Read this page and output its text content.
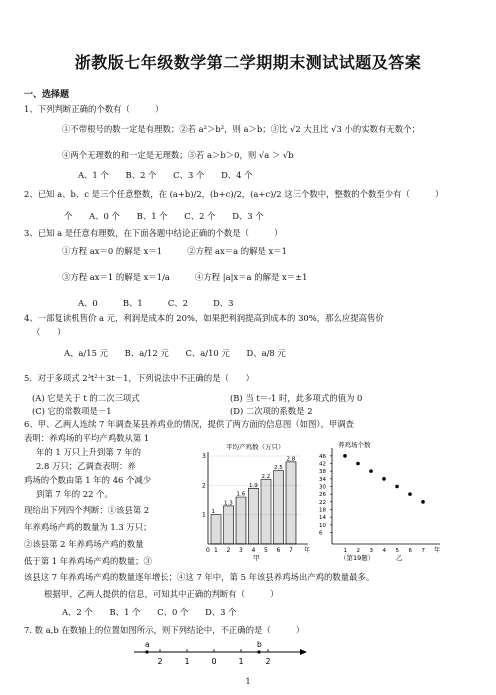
浙教版七年级数学第二学期期末测试试题及答案
一、选择题
1、下列判断正确的个数有（　　　）
①不带根号的数一定是有理数；②若 a²＞b²，则 a＞b；③比 √2 大且比 √3 小的实数有无数个；
④两个无理数的和一定是无理数；⑤若 a＞b＞0，则 √a ＞ √b
A、1 个　　B、2 个　　C、3 个　　D、4 个
2、已知 a、b、c 是三个任意整数，在 (a+b)/2，(b+c)/2，(a+c)/2 这三个数中，整数的个数至少有（　　　）
个　　A、0 个　　B、1 个　　C、2 个　　D、3 个
3、已知 a 是任意有理数，在下面各题中结论正确的个数是（　　　）
①方程 ax＝0 的解是 x＝1　　　②方程 ax＝a 的解是 x＝1
③方程 ax＝1 的解是 x＝1/a　　　④方程 |a|x＝a 的解是 x＝±1
A、0　　　B、1　　　C、2　　　D、3
4、一部复读机售价 a 元，利润是成本的 20%，如果把利润提高到成本的 30%，那么应提高售价
（　　）
A、a/15 元　　B、a/12 元　　C、a/10 元　　D、a/8 元
5．对于多项式 2³t²＋3t－1，下列说法中不正确的是（　　）
(A) 它是关于 t 的二次三项式	(B) 当 t＝-1 时，此多项式的值为 0
(C) 它的常数项是－1	(D) 二次项的系数是 2
6、甲、乙两人连续 7 年调查某县养鸡业的情况，提供了两方面的信息图（如图）。甲调查
表明：养鸡场的平均产鸡数从第 1
年的 1 万只上升到第 7 年的
2.8 万只；乙调查表明：养
鸡场的个数由第 1 年的 46 个减少
到第 7 年的 22 个。
现给出下列四个判断：①该县第 2
年养鸡场产鸡的数量为 1.3 万只；
②该县第 2 年养鸡场产鸡的数量
低于第 1 年养鸡场产鸡的数量；③
该县这 7 年养鸡场产鸡的数量逐年增长；④这 7 年中，第 5 年该县养鸡场出产鸡的数量最多。
根据甲、乙两人提供的信息，可知其中正确的判断有（　　　）
A、2 个　　B、1 个　　C、0 个　　D、3 个
7. 数 a,b 在数轴上的位置如图所示，则下列结论中，不正确的是（　　　）
平均产鸡数（万只）
1
2
3
1
1
1.3
2
1.6
3
1.9
4
2.2
5
2.5
6
2.8
7
0	年
甲
养鸡场个数
6
10
14
18
22
26
30
34
38
42
46
1 2 3 4 5 6 7 年
乙
（第19题）
2	1	0	1	2
a	b
1
